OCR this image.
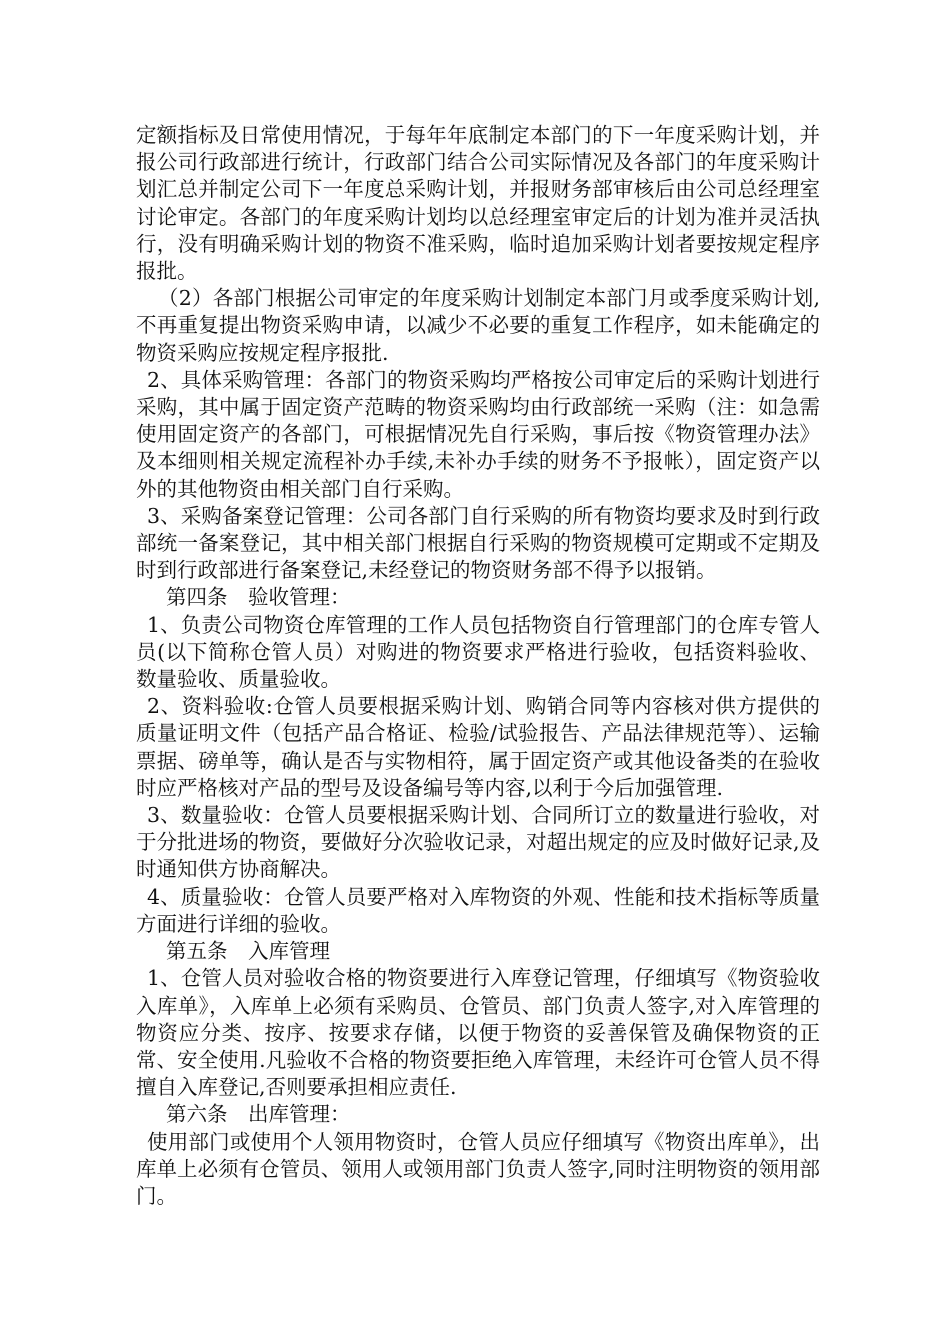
定额指标及日常使用情况，于每年年底制定本部门的下一年度采购计划，并报公司行政部进行统计，行政部门结合公司实际情况及各部门的年度采购计划汇总并制定公司下一年度总采购计划，并报财务部审核后由公司总经理室讨论审定。各部门的年度采购计划均以总经理室审定后的计划为准并灵活执行，没有明确采购计划的物资不准采购，临时追加采购计划者要按规定程序报批。

（2）各部门根据公司审定的年度采购计划制定本部门月或季度采购计划,不再重复提出物资采购申请，以减少不必要的重复工作程序，如未能确定的物资采购应按规定程序报批.

2、具体采购管理：各部门的物资采购均严格按公司审定后的采购计划进行采购，其中属于固定资产范畴的物资采购均由行政部统一采购（注：如急需使用固定资产的各部门，可根据情况先自行采购，事后按《物资管理办法》及本细则相关规定流程补办手续,未补办手续的财务不予报帐），固定资产以外的其他物资由相关部门自行采购。

3、采购备案登记管理：公司各部门自行采购的所有物资均要求及时到行政部统一备案登记，其中相关部门根据自行采购的物资规模可定期或不定期及时到行政部进行备案登记,未经登记的物资财务部不得予以报销。

第四条　验收管理：

1、负责公司物资仓库管理的工作人员包括物资自行管理部门的仓库专管人员(以下简称仓管人员）对购进的物资要求严格进行验收，包括资料验收、数量验收、质量验收。

2、资料验收:仓管人员要根据采购计划、购销合同等内容核对供方提供的质量证明文件（包括产品合格证、检验/试验报告、产品法律规范等）、运输票据、磅单等，确认是否与实物相符，属于固定资产或其他设备类的在验收时应严格核对产品的型号及设备编号等内容,以利于今后加强管理.

3、数量验收：仓管人员要根据采购计划、合同所订立的数量进行验收，对于分批进场的物资，要做好分次验收记录，对超出规定的应及时做好记录,及时通知供方协商解决。

4、质量验收：仓管人员要严格对入库物资的外观、性能和技术指标等质量方面进行详细的验收。

第五条　入库管理

1、仓管人员对验收合格的物资要进行入库登记管理，仔细填写《物资验收入库单》，入库单上必须有采购员、仓管员、部门负责人签字,对入库管理的物资应分类、按序、按要求存储，以便于物资的妥善保管及确保物资的正常、安全使用.凡验收不合格的物资要拒绝入库管理，未经许可仓管人员不得擅自入库登记,否则要承担相应责任.

第六条　出库管理：

使用部门或使用个人领用物资时，仓管人员应仔细填写《物资出库单》，出库单上必须有仓管员、领用人或领用部门负责人签字,同时注明物资的领用部门。
